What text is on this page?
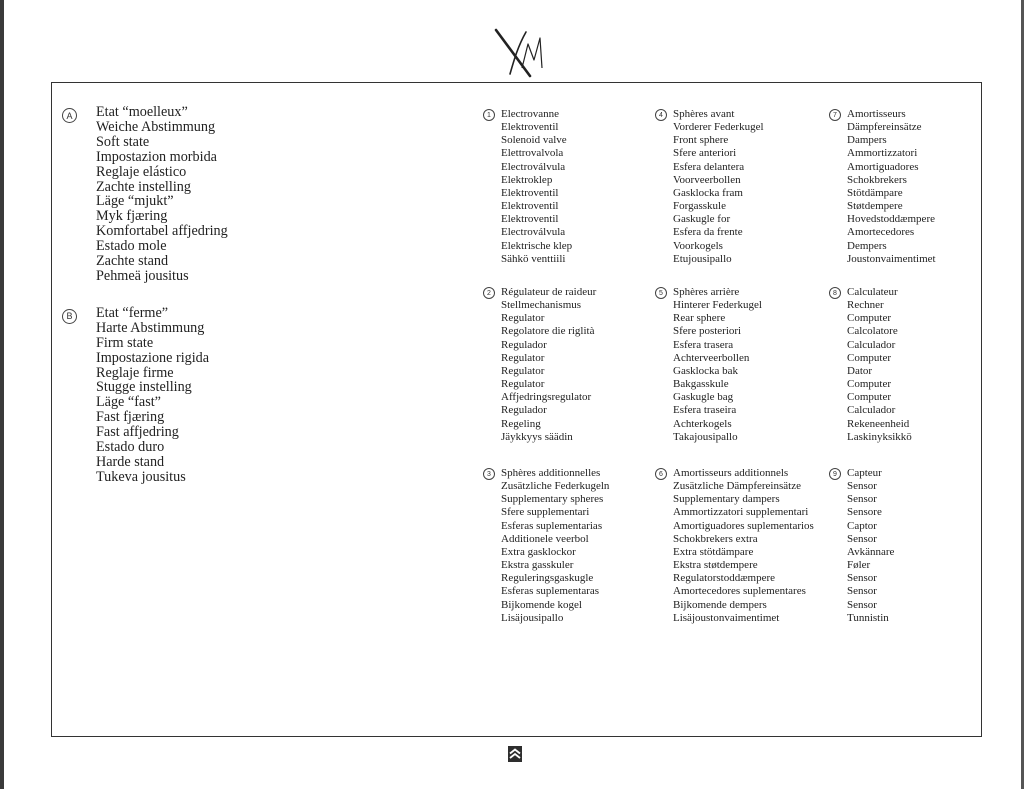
A	Etat “moelleux”
Weiche Abstimmung
Soft state
Impostazion morbida
Reglaje elástico
Zachte instelling
Läge “mjukt”
Myk fjæring
Komfortabel affjedring
Estado mole
Zachte stand
Pehmeä jousitus
B	Etat “ferme”
Harte Abstimmung
Firm state
Impostazione rigida
Reglaje firme
Stugge instelling
Läge “fast”
Fast fjæring
Fast affjedring
Estado duro
Harde stand
Tukeva jousitus
1 Electrovanne
Elektroventil
Solenoid valve
Elettrovalvola
Electroválvula
Elektroklep
Elektroventil
Elektroventil
Elektroventil
Electroválvula
Elektrische klep
Sähkö venttiili
2 Régulateur de raideur
Stellmechanismus
Regulator
Regolatore die riglità
Regulador
Regulator
Regulator
Regulator
Affjedringsregulator
Regulador
Regeling
Jäykkyys säädin
3 Sphères additionnelles
Zusätzliche Federkugeln
Supplementary spheres
Sfere supplementari
Esferas suplementarias
Additionele veerbol
Extra gasklockor
Ekstra gasskuler
Reguleringsgaskugle
Esferas suplementaras
Bijkomende kogel
Lisäjousipallo
4 Sphères avant
Vorderer Federkugel
Front sphere
Sfere anteriori
Esfera delantera
Voorveerbollen
Gasklocka fram
Forgasskule
Gaskugle for
Esfera da frente
Voorkogels
Etujousipallo
5 Sphères arrière
Hinterer Federkugel
Rear sphere
Sfere posteriori
Esfera trasera
Achterveerbollen
Gasklocka bak
Bakgasskule
Gaskugle bag
Esfera traseira
Achterkogels
Takajousipallo
6 Amortisseurs additionnels
Zusätzliche Dämpfereinsätze
Supplementary dampers
Ammortizzatori supplementari
Amortiguadores suplementarios
Schokbrekers extra
Extra stötdämpare
Ekstra støtdempere
Regulatorstoddæmpere
Amortecedores suplementares
Bijkomende dempers
Lisäjoustonvaimentimet
7 Amortisseurs
Dämpfereinsätze
Dampers
Ammortizzatori
Amortiguadores
Schokbrekers
Stötdämpare
Støtdempere
Hovedstoddæmpere
Amortecedores
Dempers
Joustonvaimentimet
8 Calculateur
Rechner
Computer
Calcolatore
Calculador
Computer
Dator
Computer
Computer
Calculador
Rekeneenheid
Laskinyksikkö
9 Capteur
Sensor
Sensor
Sensore
Captor
Sensor
Avkännare
Føler
Sensor
Sensor
Sensor
Tunnistin
